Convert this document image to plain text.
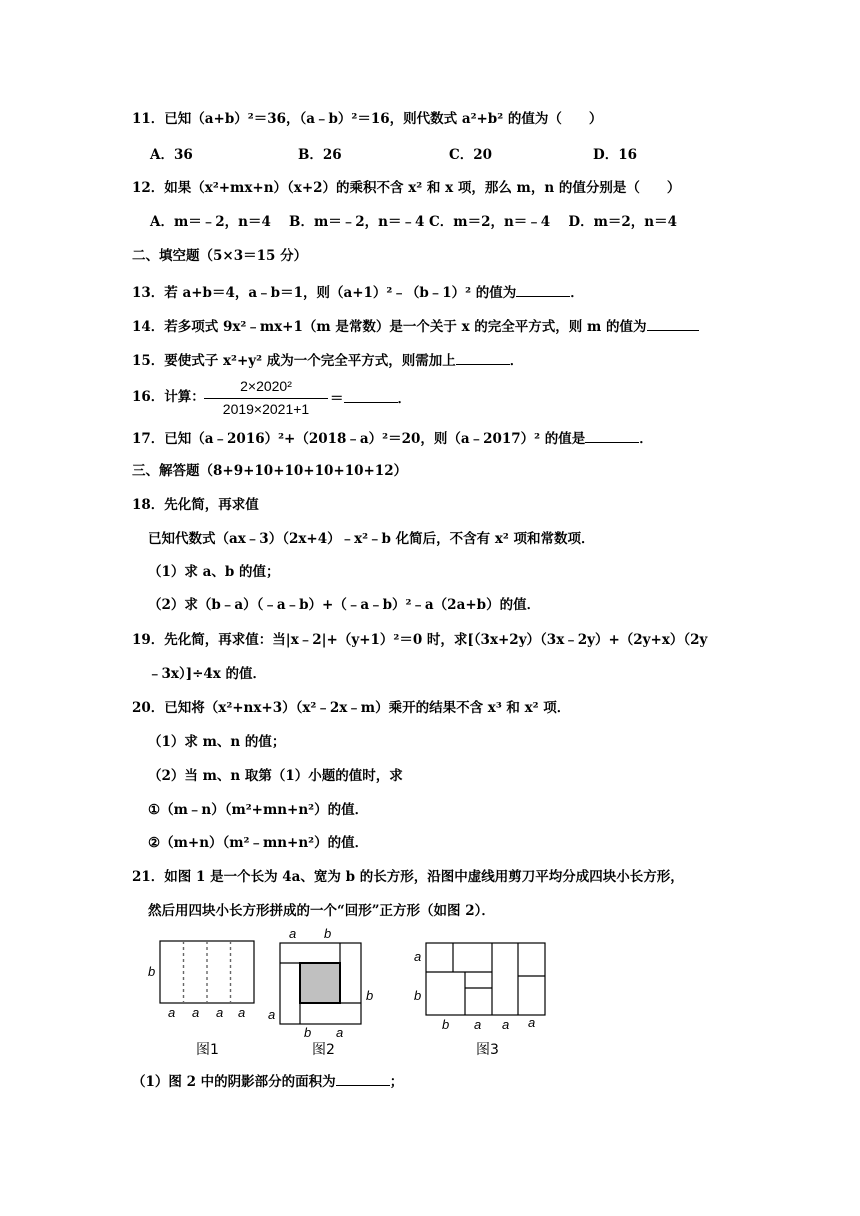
11．已知（a+b）²＝36，（a﹣b）²＝16，则代数式 a²+b² 的值为（　　）
A．36	B．26	C．20	D．16
12．如果（x²+mx+n）（x+2）的乘积不含 x² 和 x 项，那么 m，n 的值分别是（　　）
A．m＝﹣2，n＝4　 B．m＝﹣2，n＝﹣4 C．m＝2，n＝﹣4　 D．m＝2，n＝4
二、填空题（5×3＝15 分）
13．若 a+b＝4，a﹣b＝1，则（a+1）²﹣（b﹣1）² 的值为	．
14．若多项式 9x²﹣mx+1（m 是常数）是一个关于 x 的完全平方式，则 m 的值为
15．要使式子 x²+y² 成为一个完全平方式，则需加上	．
16．计算：
2×2020²
2019×2021+1
＝	．
17．已知（a﹣2016）²+（2018﹣a）²＝20，则（a﹣2017）² 的值是	．
三、解答题（8+9+10+10+10+10+12）
18．先化简，再求值
已知代数式（ax﹣3）（2x+4）﹣x²﹣b 化简后，不含有 x² 项和常数项．
（1）求 a、b 的值；
（2）求（b﹣a）（﹣a﹣b）+（﹣a﹣b）²﹣a（2a+b）的值．
19．先化简，再求值：当|x﹣2|+（y+1）²＝0 时，求[（3x+2y）（3x﹣2y）+（2y+x）（2y
﹣3x）]÷4x 的值．
20．已知将（x²+nx+3）（x²﹣2x﹣m）乘开的结果不含 x³ 和 x² 项．
（1）求 m、n 的值；
（2）当 m、n 取第（1）小题的值时，求
①（m﹣n）（m²+mn+n²）的值．
②（m+n）（m²﹣mn+n²）的值．
21．如图 1 是一个长为 4a、宽为 b 的长方形，沿图中虚线用剪刀平均分成四块小长方形，
然后用四块小长方形拼成的一个“回形”正方形（如图 2）．
b
a a a a
图1
a b
a
b
b a
图2
a
b
b a a a
图3
（1）图 2 中的阴影部分的面积为	；
